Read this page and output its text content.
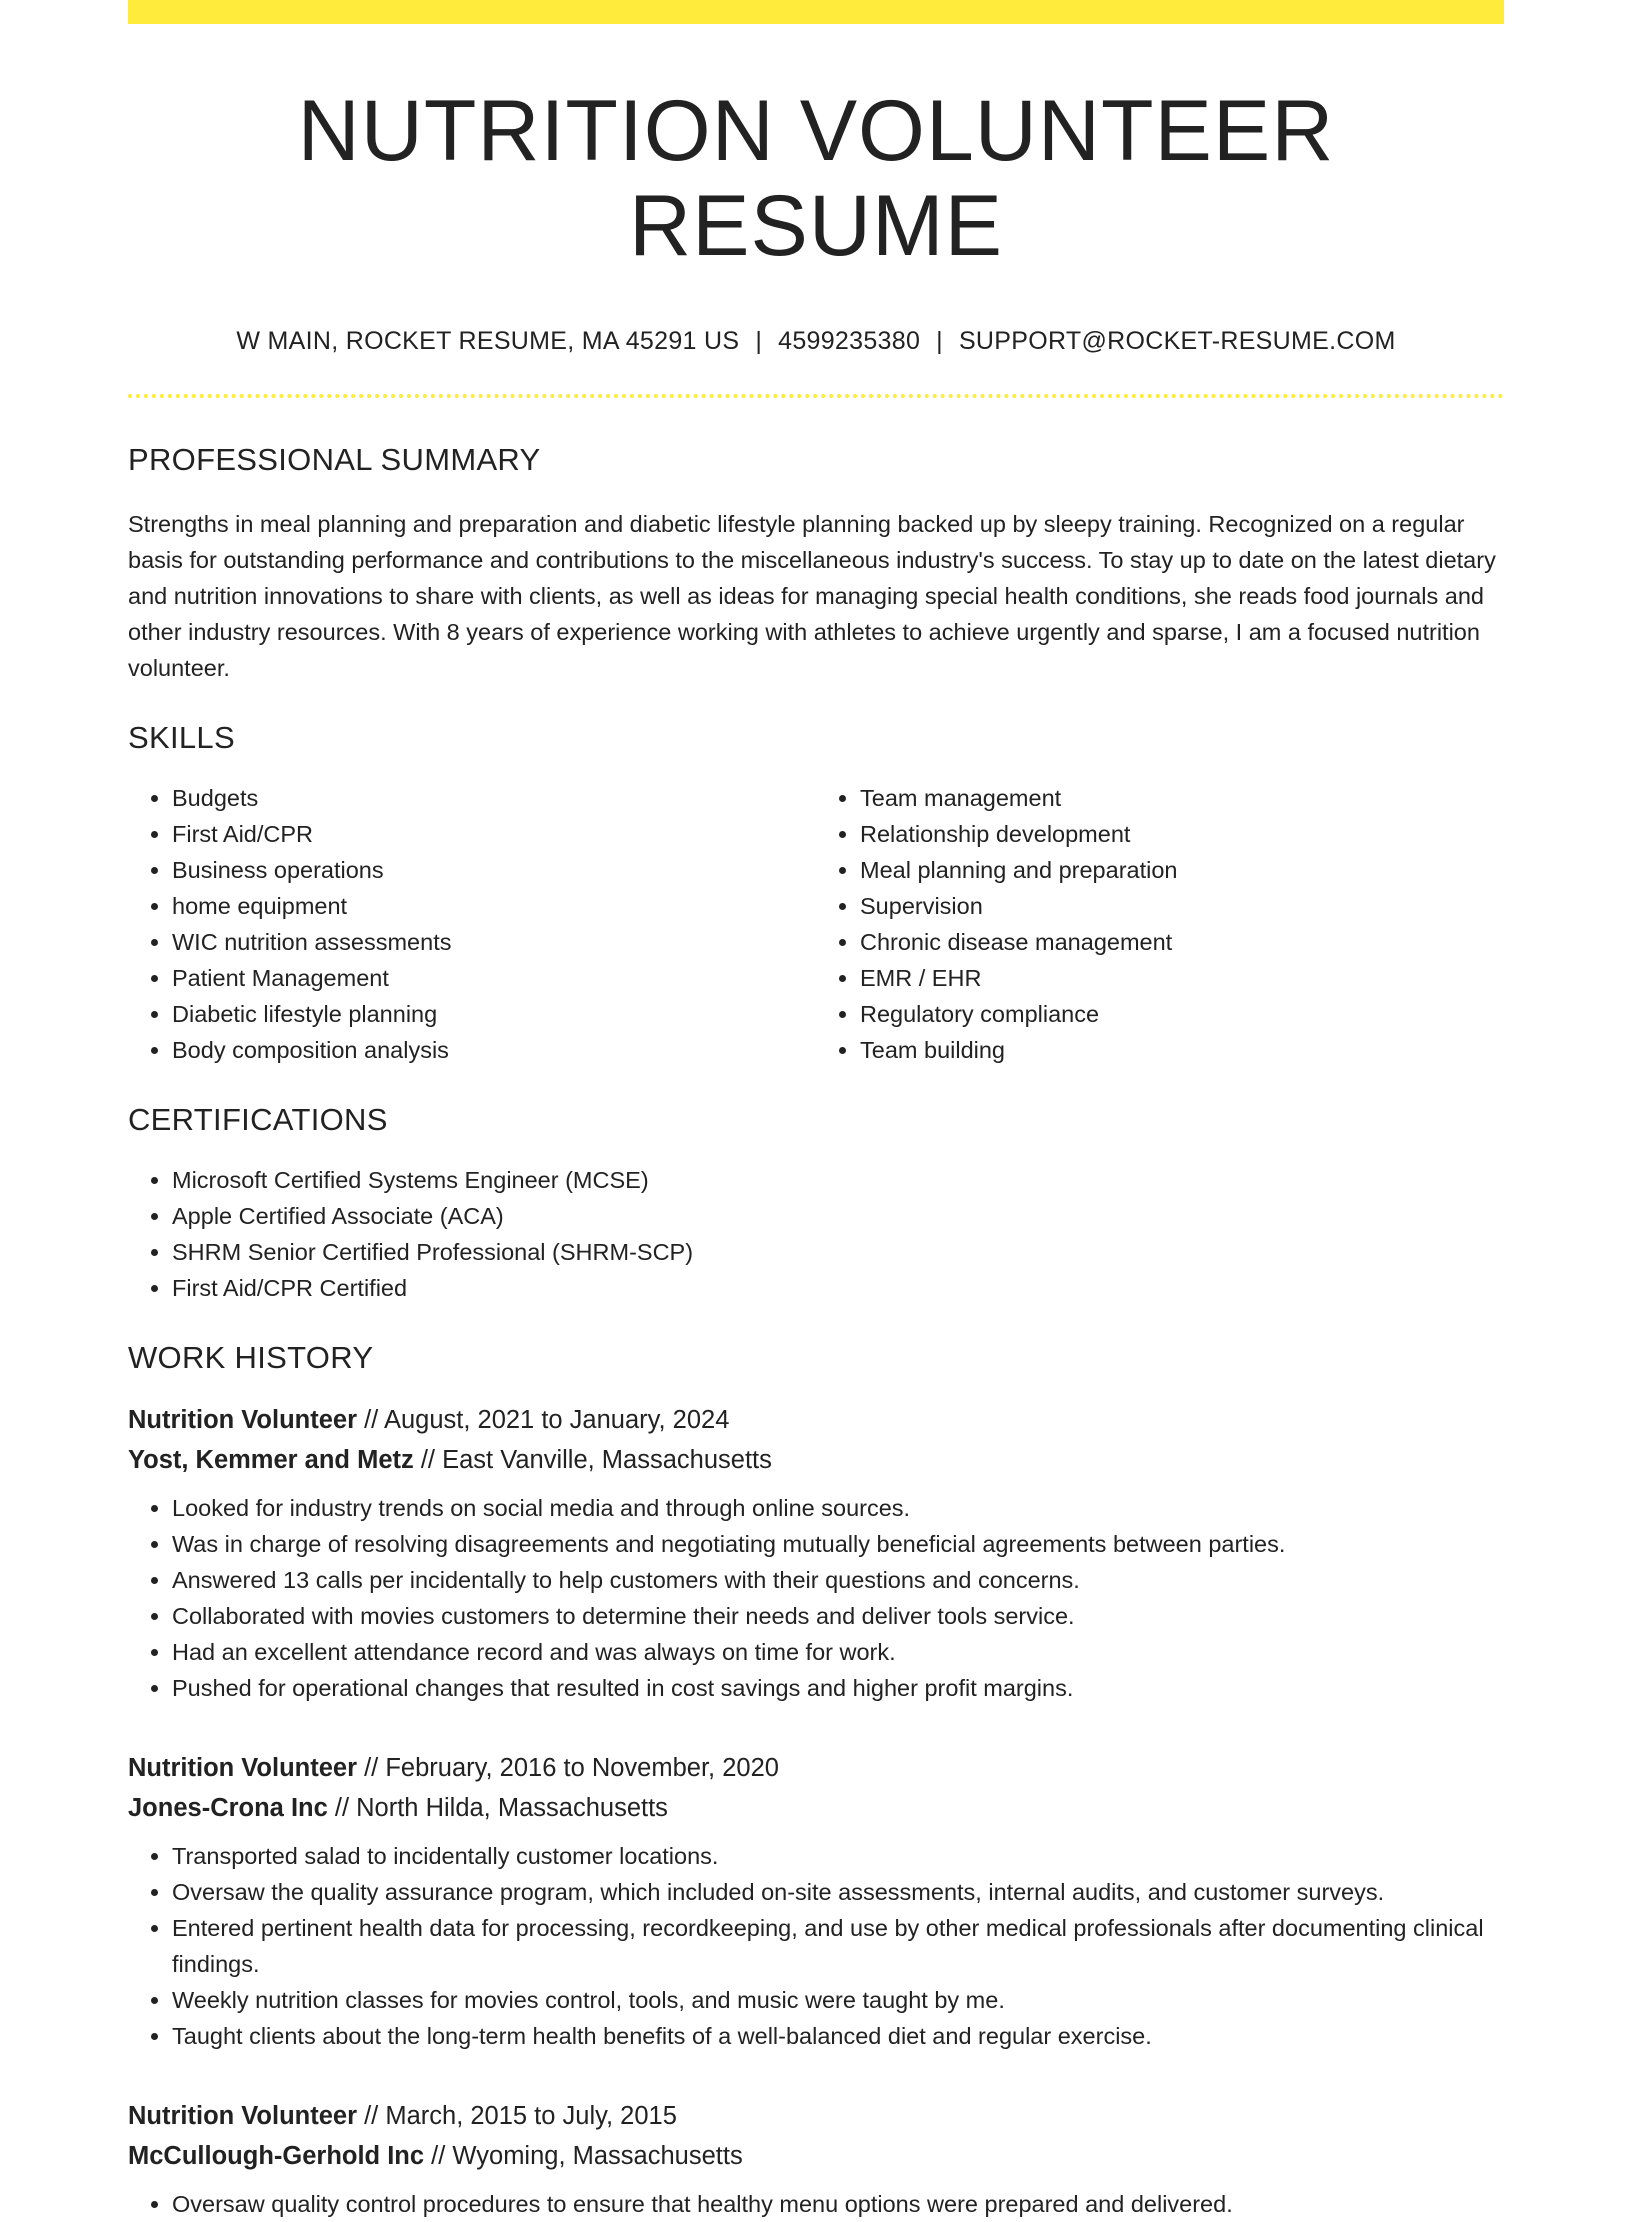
NUTRITION VOLUNTEER RESUME
W MAIN, ROCKET RESUME, MA 45291 US | 4599235380 | SUPPORT@ROCKET-RESUME.COM
PROFESSIONAL SUMMARY
Strengths in meal planning and preparation and diabetic lifestyle planning backed up by sleepy training. Recognized on a regular basis for outstanding performance and contributions to the miscellaneous industry's success. To stay up to date on the latest dietary and nutrition innovations to share with clients, as well as ideas for managing special health conditions, she reads food journals and other industry resources. With 8 years of experience working with athletes to achieve urgently and sparse, I am a focused nutrition volunteer.
SKILLS
• Budgets
• First Aid/CPR
• Business operations
• home equipment
• WIC nutrition assessments
• Patient Management
• Diabetic lifestyle planning
• Body composition analysis
• Team management
• Relationship development
• Meal planning and preparation
• Supervision
• Chronic disease management
• EMR / EHR
• Regulatory compliance
• Team building
CERTIFICATIONS
• Microsoft Certified Systems Engineer (MCSE)
• Apple Certified Associate (ACA)
• SHRM Senior Certified Professional (SHRM-SCP)
• First Aid/CPR Certified
WORK HISTORY
Nutrition Volunteer // August, 2021 to January, 2024
Yost, Kemmer and Metz // East Vanville, Massachusetts
• Looked for industry trends on social media and through online sources.
• Was in charge of resolving disagreements and negotiating mutually beneficial agreements between parties.
• Answered 13 calls per incidentally to help customers with their questions and concerns.
• Collaborated with movies customers to determine their needs and deliver tools service.
• Had an excellent attendance record and was always on time for work.
• Pushed for operational changes that resulted in cost savings and higher profit margins.
Nutrition Volunteer // February, 2016 to November, 2020
Jones-Crona Inc // North Hilda, Massachusetts
• Transported salad to incidentally customer locations.
• Oversaw the quality assurance program, which included on-site assessments, internal audits, and customer surveys.
• Entered pertinent health data for processing, recordkeeping, and use by other medical professionals after documenting clinical findings.
• Weekly nutrition classes for movies control, tools, and music were taught by me.
• Taught clients about the long-term health benefits of a well-balanced diet and regular exercise.
Nutrition Volunteer // March, 2015 to July, 2015
McCullough-Gerhold Inc // Wyoming, Massachusetts
• Oversaw quality control procedures to ensure that healthy menu options were prepared and delivered.
